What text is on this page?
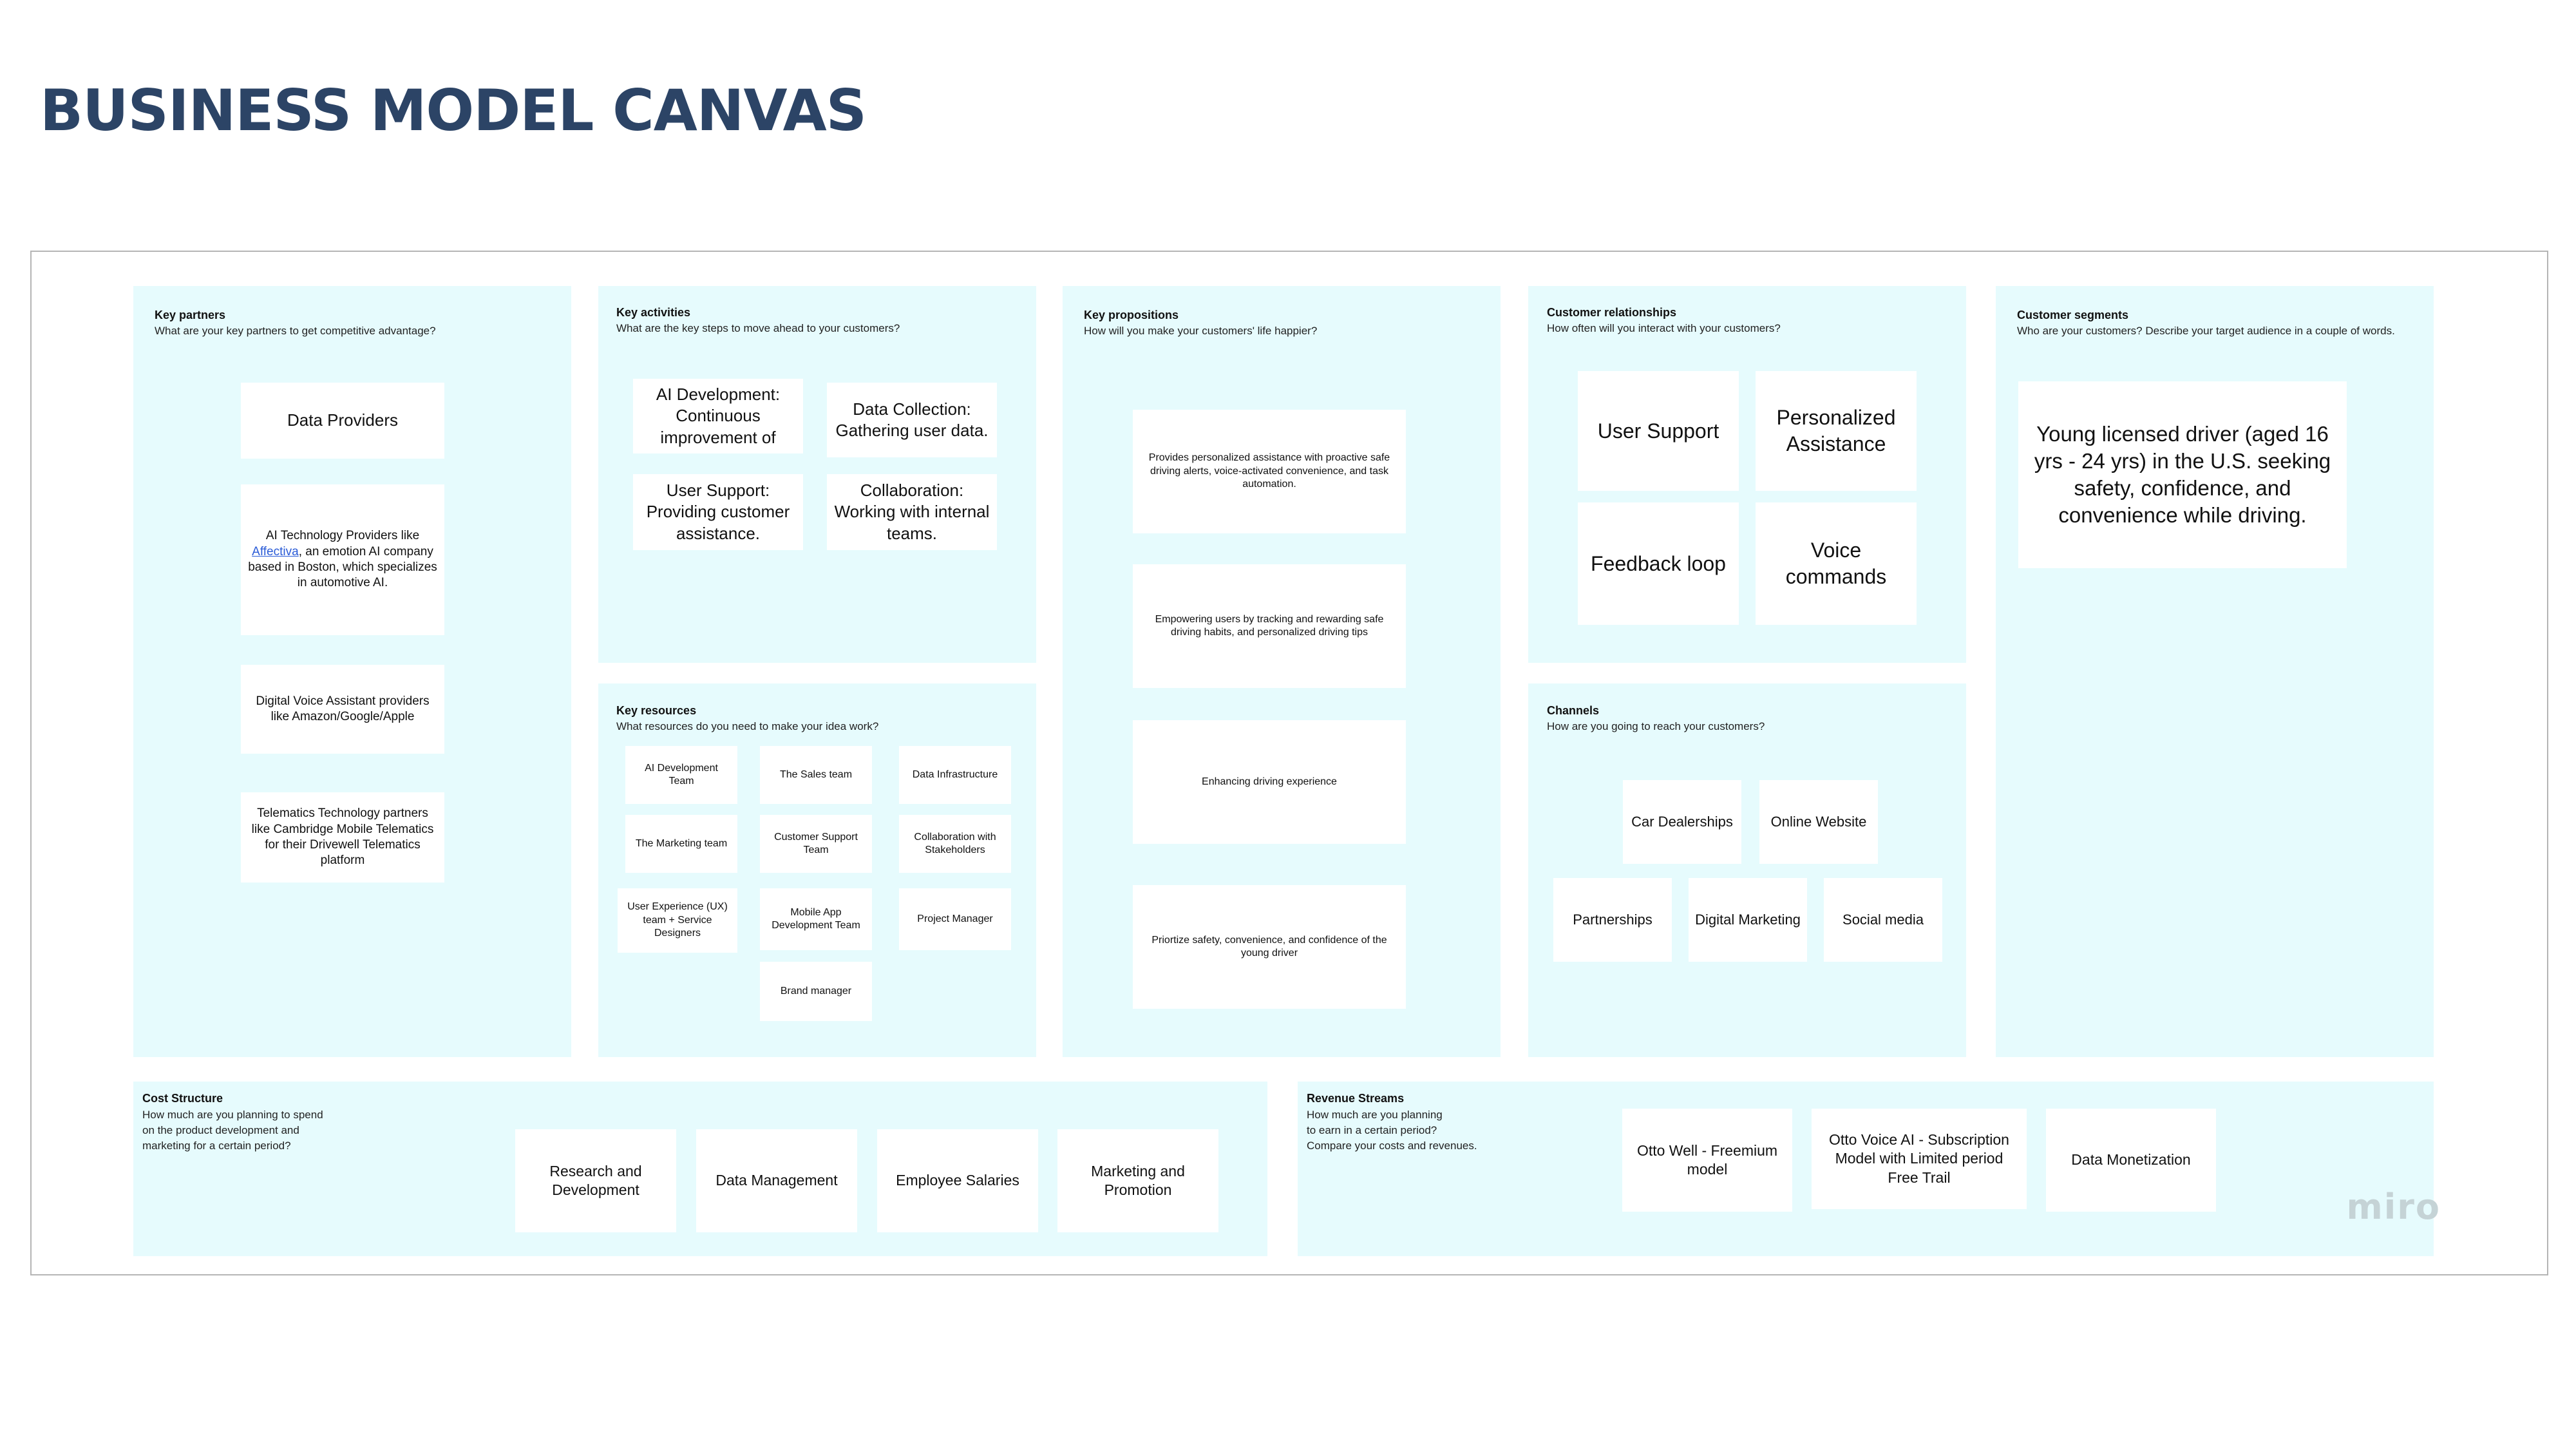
BUSINESS MODEL CANVAS
Key partners
What are your key partners to get competitive advantage?
Data Providers
AI Technology Providers like Affectiva, an emotion AI company based in Boston, which specializes in automotive AI.
Digital Voice Assistant providers like Amazon/Google/Apple
Telematics Technology partners like Cambridge Mobile Telematics for their Drivewell Telematics platform
Key activities
What are the key steps to move ahead to your customers?
AI Development: Continuous improvement of
Data Collection: Gathering user data.
User Support: Providing customer assistance.
Collaboration: Working with internal teams.
Key resources
What resources do you need to make your idea work?
AI Development Team
The Sales team	Data Infrastructure
The Marketing team
Customer Support Team
Collaboration with Stakeholders
User Experience (UX) team + Service Designers
Mobile App Development Team
Project Manager
Brand manager
Key propositions
How will you make your customers' life happier?
Provides personalized assistance with proactive safe driving alerts, voice-activated convenience, and task automation.
Empowering users by tracking and rewarding safe driving habits, and personalized driving tips
Enhancing driving experience
Priortize safety, convenience, and confidence of the young driver
Customer relationships
How often will you interact with your customers?
User Support
Personalized Assistance
Feedback loop
Voice commands
Channels
How are you going to reach your customers?
Car Dealerships	Online Website
Partnerships	Digital Marketing	Social media
Customer segments
Who are your customers? Describe your target audience in a couple of words.
Young licensed driver (aged 16 yrs - 24 yrs) in the U.S. seeking safety, confidence, and convenience while driving.
Cost Structure
How much are you planning to spend
on the product development and
marketing for a certain period?
Research and Development
Data Management	Employee Salaries
Marketing and Promotion
Revenue Streams
How much are you planning
to earn in a certain period?
Compare your costs and revenues.	Otto Well - Freemium model
Otto Voice AI - Subscription Model with Limited period Free Trail
Data Monetization
miro
